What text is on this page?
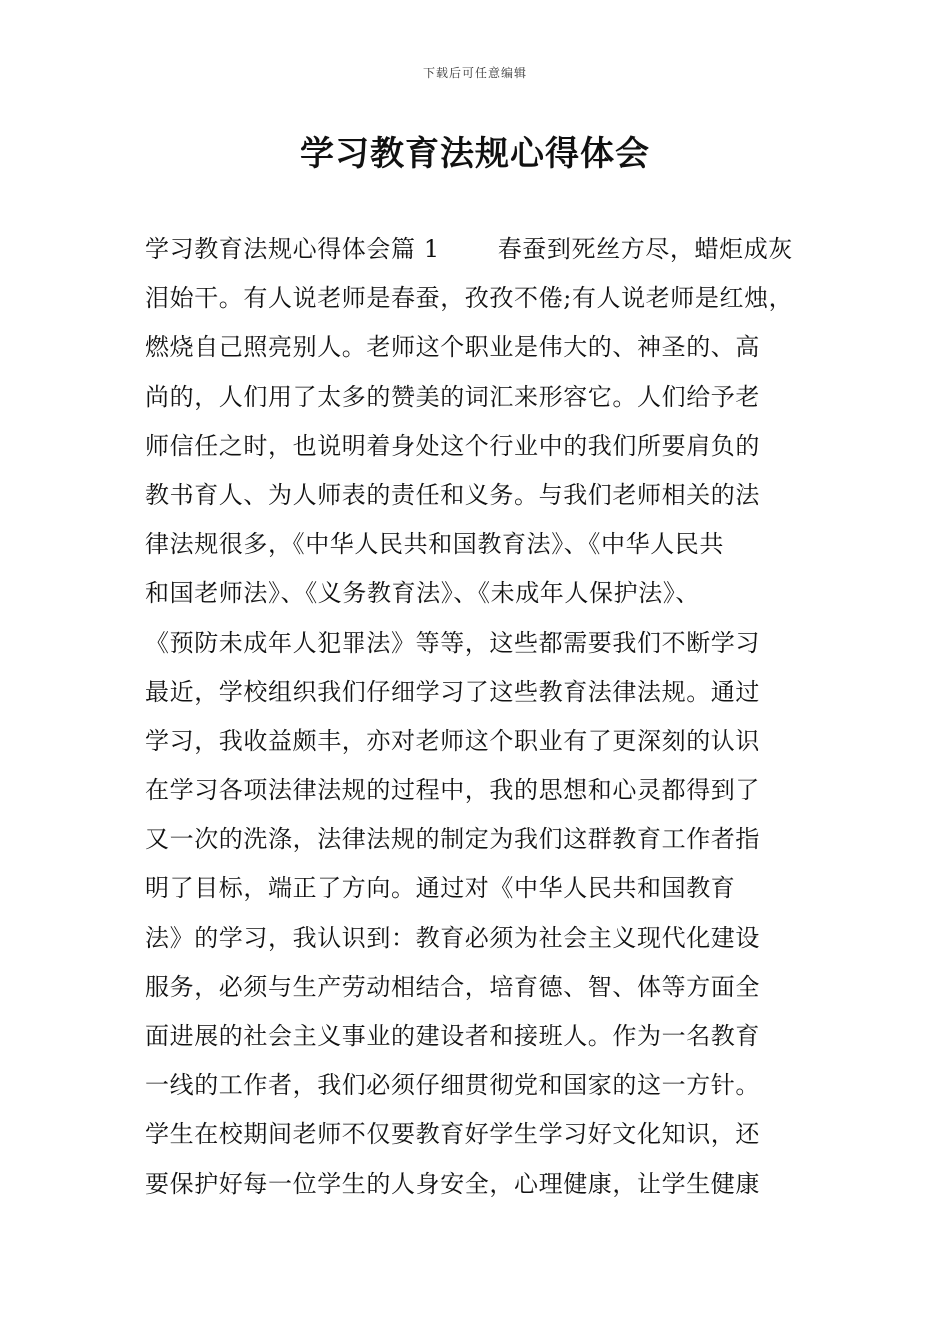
下载后可任意编辑
学习教育法规心得体会
学习教育法规心得体会篇 1 春蚕到死丝方尽，蜡炬成灰
泪始干。有人说老师是春蚕，孜孜不倦;有人说老师是红烛，
燃烧自己照亮别人。老师这个职业是伟大的、神圣的、高
尚的，人们用了太多的赞美的词汇来形容它。人们给予老
师信任之时，也说明着身处这个行业中的我们所要肩负的
教书育人、为人师表的责任和义务。与我们老师相关的法
律法规很多，《中华人民共和国教育法》、《中华人民共
和国老师法》、《义务教育法》、《未成年人保护法》、
《预防未成年人犯罪法》等等，这些都需要我们不断学习
最近，学校组织我们仔细学习了这些教育法律法规。通过
学习，我收益颇丰，亦对老师这个职业有了更深刻的认识
在学习各项法律法规的过程中，我的思想和心灵都得到了
又一次的洗涤，法律法规的制定为我们这群教育工作者指
明了目标，端正了方向。通过对《中华人民共和国教育
法》的学习，我认识到：教育必须为社会主义现代化建设
服务，必须与生产劳动相结合，培育德、智、体等方面全
面进展的社会主义事业的建设者和接班人。作为一名教育
一线的工作者，我们必须仔细贯彻党和国家的这一方针。
学生在校期间老师不仅要教育好学生学习好文化知识，还
要保护好每一位学生的人身安全，心理健康，让学生健康
